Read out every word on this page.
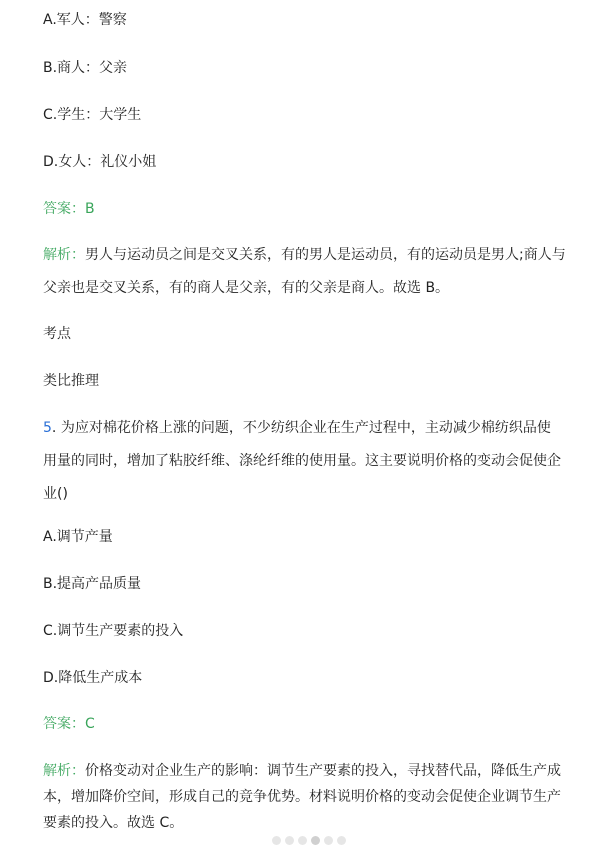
A.军人：警察
B.商人：父亲
C.学生：大学生
D.女人：礼仪小姐
答案：B
解析：男人与运动员之间是交叉关系，有的男人是运动员，有的运动员是男人;商人与
父亲也是交叉关系，有的商人是父亲，有的父亲是商人。故选 B。
考点
类比推理
5. 为应对棉花价格上涨的问题，不少纺织企业在生产过程中，主动减少棉纺织品使
用量的同时，增加了粘胶纤维、涤纶纤维的使用量。这主要说明价格的变动会促使企
业()
A.调节产量
B.提高产品质量
C.调节生产要素的投入
D.降低生产成本
答案：C
解析：价格变动对企业生产的影响：调节生产要素的投入，寻找替代品，降低生产成
本，增加降价空间，形成自己的竞争优势。材料说明价格的变动会促使企业调节生产
要素的投入。故选 C。
